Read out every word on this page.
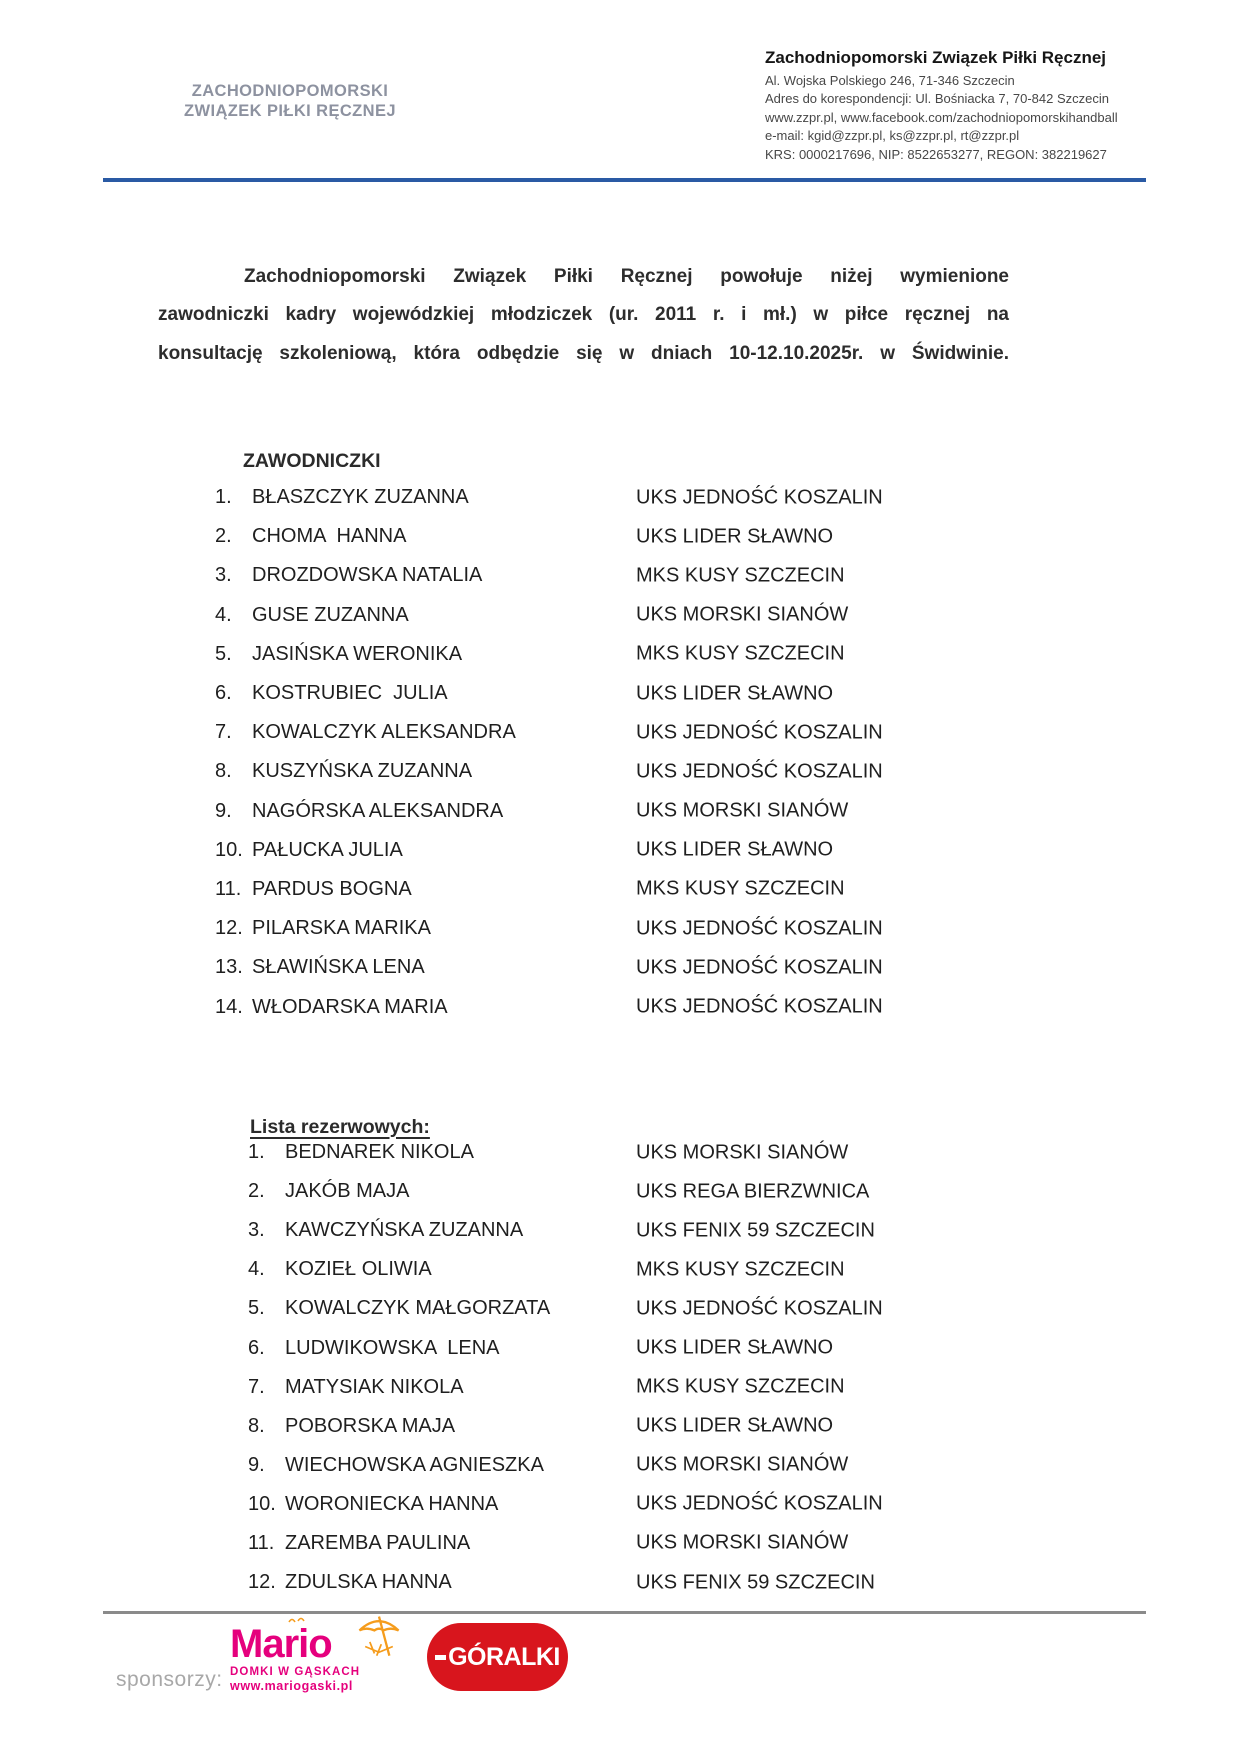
ZACHODNIOPOMORSKI
ZWIĄZEK PIŁKI RĘCZNEJ
Zachodniopomorski Związek Piłki Ręcznej
Al. Wojska Polskiego 246, 71-346 Szczecin
Adres do korespondencji: Ul. Bośniacka 7, 70-842 Szczecin
www.zzpr.pl, www.facebook.com/zachodniopomorskihandball
e-mail: kgid@zzpr.pl, ks@zzpr.pl, rt@zzpr.pl
KRS: 0000217696, NIP: 8522653277, REGON: 382219627
Zachodniopomorski Związek Piłki Ręcznej powołuje niżej wymienione
zawodniczki kadry wojewódzkiej młodziczek (ur. 2011 r. i mł.) w piłce ręcznej na
konsultację szkoleniową, która odbędzie się w dniach 10-12.10.2025r. w Świdwinie.
ZAWODNICZKI
1.	BŁASZCZYK ZUZANNA	UKS JEDNOŚĆ KOSZALIN
2.	CHOMA  HANNA	UKS LIDER SŁAWNO
3.	DROZDOWSKA NATALIA	MKS KUSY SZCZECIN
4.	GUSE ZUZANNA	UKS MORSKI SIANÓW
5.	JASIŃSKA WERONIKA	MKS KUSY SZCZECIN
6.	KOSTRUBIEC  JULIA	UKS LIDER SŁAWNO
7.	KOWALCZYK ALEKSANDRA	UKS JEDNOŚĆ KOSZALIN
8.	KUSZYŃSKA ZUZANNA	UKS JEDNOŚĆ KOSZALIN
9.	NAGÓRSKA ALEKSANDRA	UKS MORSKI SIANÓW
10. PAŁUCKA JULIA	UKS LIDER SŁAWNO
11. PARDUS BOGNA	MKS KUSY SZCZECIN
12. PILARSKA MARIKA	UKS JEDNOŚĆ KOSZALIN
13. SŁAWIŃSKA LENA	UKS JEDNOŚĆ KOSZALIN
14. WŁODARSKA MARIA	UKS JEDNOŚĆ KOSZALIN
Lista rezerwowych:
1.	BEDNAREK NIKOLA	UKS MORSKI SIANÓW
2.	JAKÓB MAJA	UKS REGA BIERZWNICA
3.	KAWCZYŃSKA ZUZANNA	UKS FENIX 59 SZCZECIN
4.	KOZIEŁ OLIWIA	MKS KUSY SZCZECIN
5.	KOWALCZYK MAŁGORZATA	UKS JEDNOŚĆ KOSZALIN
6.	LUDWIKOWSKA  LENA	UKS LIDER SŁAWNO
7.	MATYSIAK NIKOLA	MKS KUSY SZCZECIN
8.	POBORSKA MAJA	UKS LIDER SŁAWNO
9.	WIECHOWSKA AGNIESZKA	UKS MORSKI SIANÓW
10. WORONIECKA HANNA	UKS JEDNOŚĆ KOSZALIN
11. ZAREMBA PAULINA	UKS MORSKI SIANÓW
12. ZDULSKA HANNA	UKS FENIX 59 SZCZECIN
sponsorzy:
Mario
DOMKI W GĄSKACH
www.mariogaski.pl
GÓRALKI
